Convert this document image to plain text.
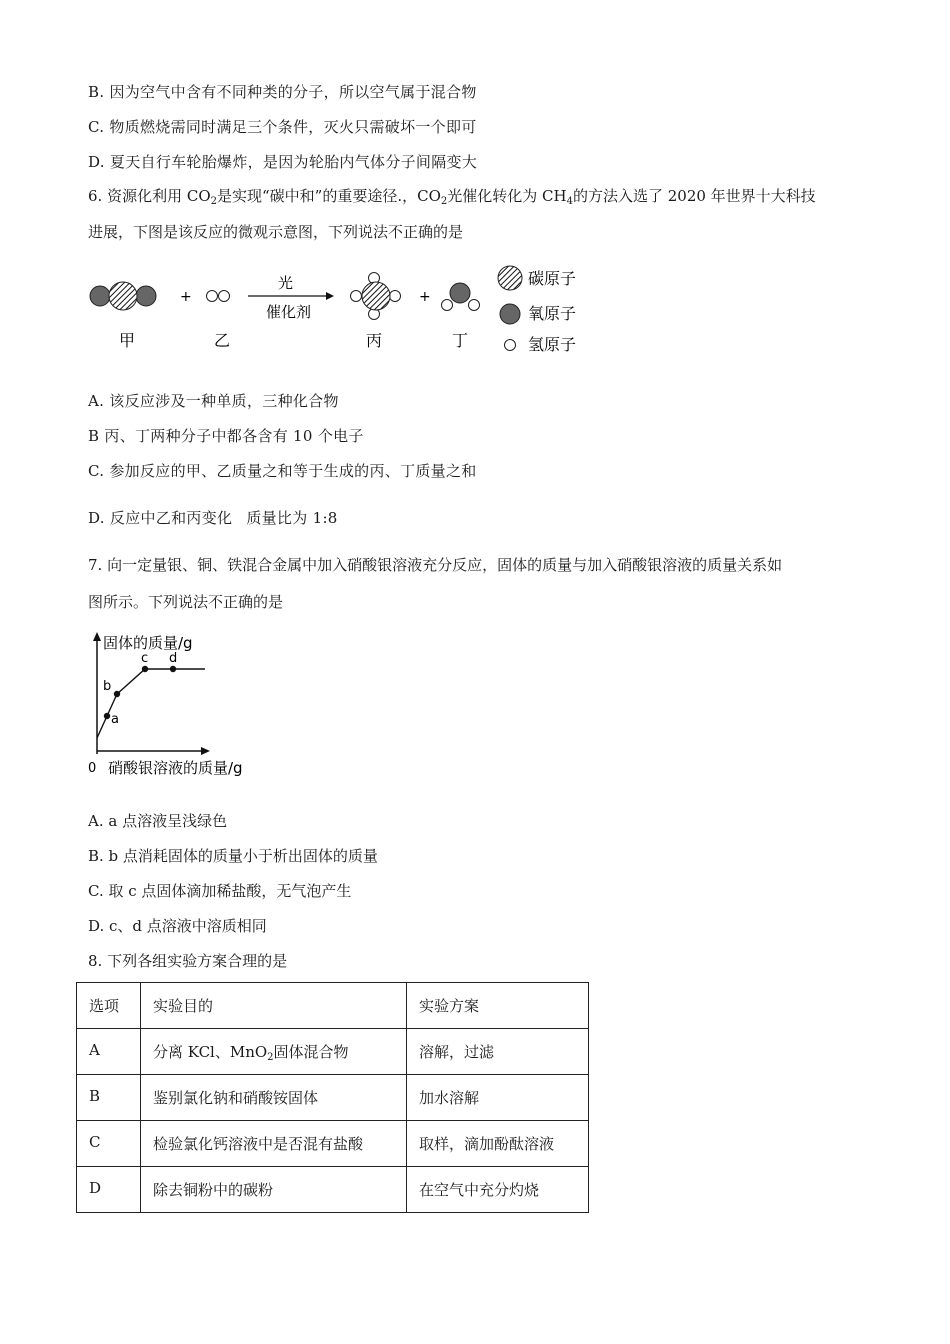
B. 因为空气中含有不同种类的分子，所以空气属于混合物
C. 物质燃烧需同时满足三个条件，灭火只需破坏一个即可
D. 夏天自行车轮胎爆炸，是因为轮胎内气体分子间隔变大
6. 资源化利用 $CO_2$是实现“碳中和”的重要途径.，$CO_2$光催化转化为 $CH_4$的方法入选了 2020 年世界十大科技
进展，下图是该反应的微观示意图，下列说法不正确的是
+
光
催化剂
+
甲	乙	丙	丁
碳原子
氧原子
氢原子
A. 该反应涉及一种单质，三种化合物
B 丙、丁两种分子中都各含有 10 个电子
C. 参加反应的甲、乙质量之和等于生成的丙、丁质量之和
D. 反应中乙和丙变化 质量比为 1:8
7. 向一定量银、铜、铁混合金属中加入硝酸银溶液充分反应，固体的质量与加入硝酸银溶液的质量关系如
图所示。下列说法不正确的是
a
b
c d
固体的质量/g
0 硝酸银溶液的质量/g
A. a 点溶液呈浅绿色
B. b 点消耗固体的质量小于析出固体的质量
C. 取 c 点固体滴加稀盐酸，无气泡产生
D. c、d 点溶液中溶质相同
8. 下列各组实验方案合理的是
选项	实验目的	实验方案
A	分离 KCl、MnO$_2$固体混合物	溶解，过滤
B	鉴别氯化钠和硝酸铵固体	加水溶解
C	检验氯化钙溶液中是否混有盐酸	取样，滴加酚酞溶液
D	除去铜粉中的碳粉	在空气中充分灼烧
